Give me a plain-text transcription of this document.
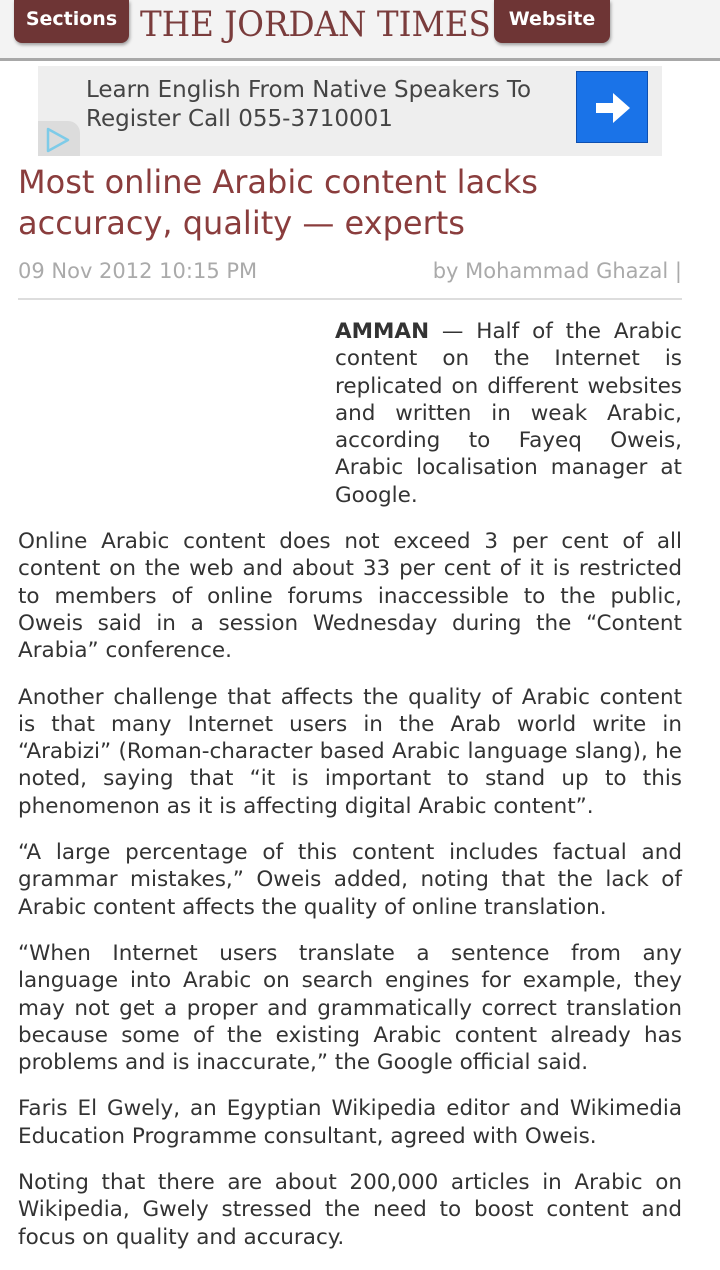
Sections THE JORDAN TIMES Website
Learn English From Native Speakers To Register Call 055-3710001
Most online Arabic content lacks accuracy, quality — experts
09 Nov 2012 10:15 PM	by Mohammad Ghazal |

AMMAN — Half of the Arabic content on the Internet is replicated on different websites and written in weak Arabic, according to Fayeq Oweis, Arabic localisation manager at Google.

Online Arabic content does not exceed 3 per cent of all content on the web and about 33 per cent of it is restricted to members of online forums inaccessible to the public, Oweis said in a session Wednesday during the “Content Arabia” conference.

Another challenge that affects the quality of Arabic content is that many Internet users in the Arab world write in “Arabizi” (Roman-character based Arabic language slang), he noted, saying that “it is important to stand up to this phenomenon as it is affecting digital Arabic content”.

“A large percentage of this content includes factual and grammar mistakes,” Oweis added, noting that the lack of Arabic content affects the quality of online translation.

“When Internet users translate a sentence from any language into Arabic on search engines for example, they may not get a proper and grammatically correct translation because some of the existing Arabic content already has problems and is inaccurate,” the Google official said.

Faris El Gwely, an Egyptian Wikipedia editor and Wikimedia Education Programme consultant, agreed with Oweis.

Noting that there are about 200,000 articles in Arabic on Wikipedia, Gwely stressed the need to boost content and focus on quality and accuracy.
